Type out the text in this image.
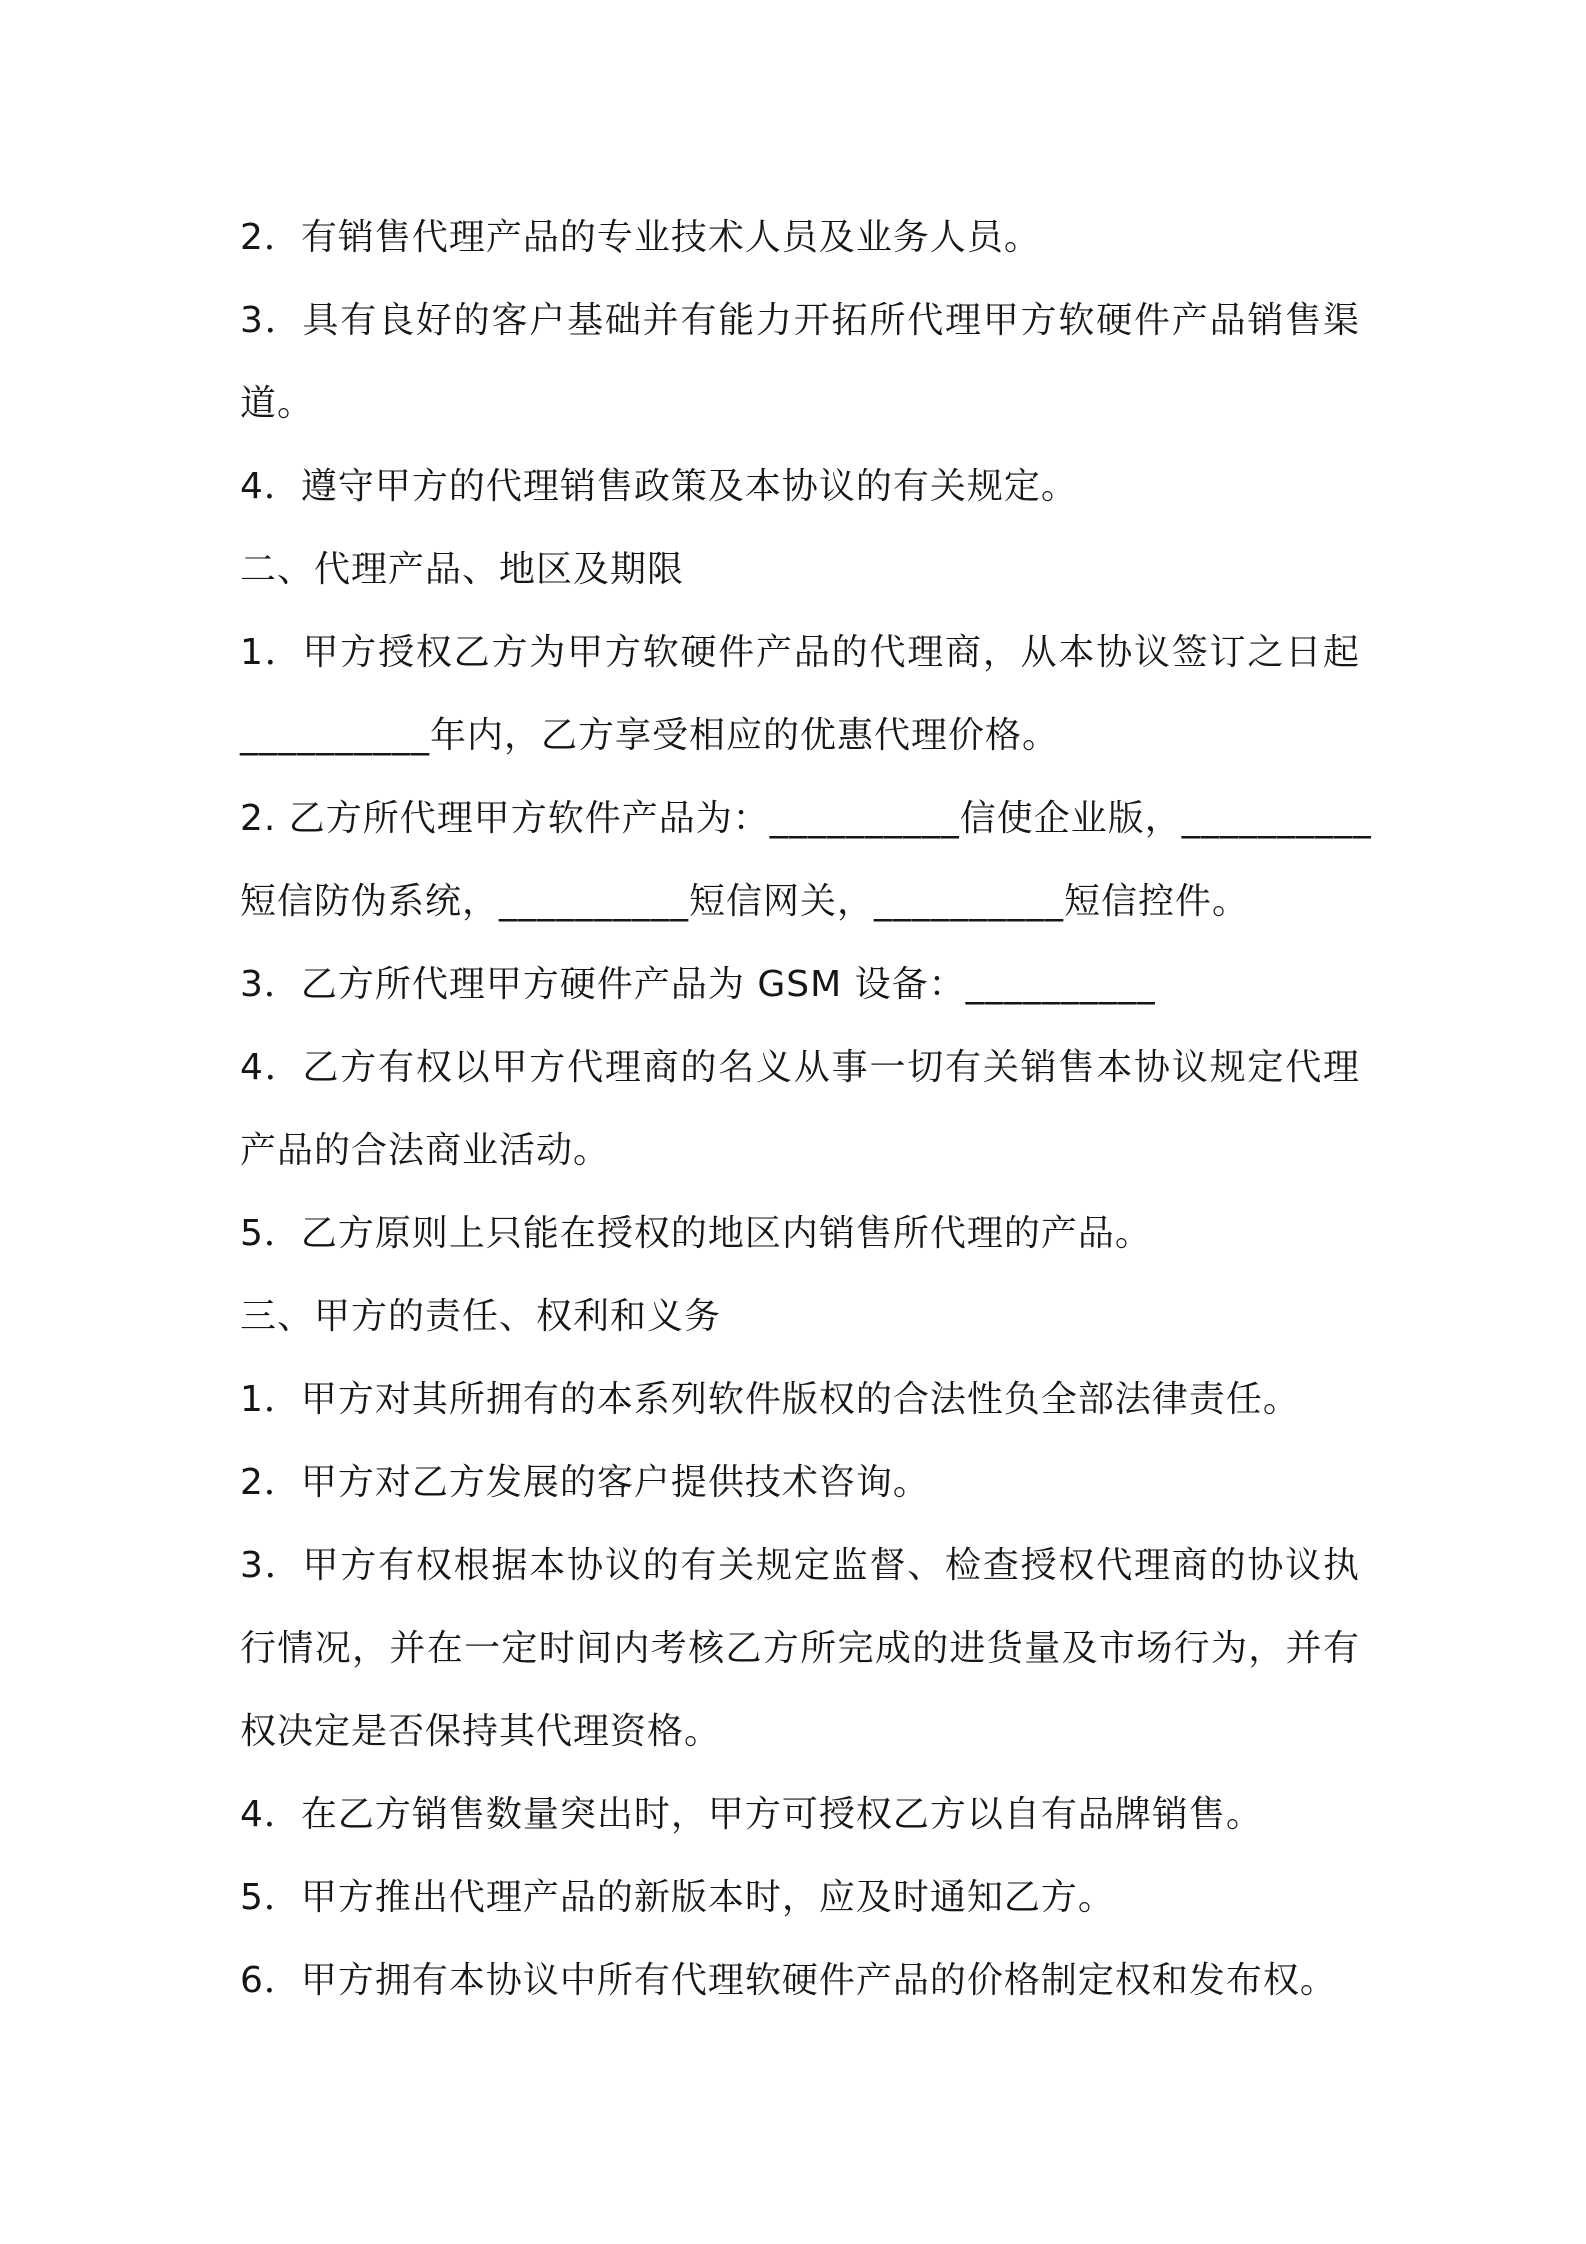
2．有销售代理产品的专业技术人员及业务人员。
3．具有良好的客户基础并有能力开拓所代理甲方软硬件产品销售渠
道。
4．遵守甲方的代理销售政策及本协议的有关规定。
二、代理产品、地区及期限
1．甲方授权乙方为甲方软硬件产品的代理商，从本协议签订之日起
__________年内，乙方享受相应的优惠代理价格。
2. 乙方所代理甲方软件产品为：__________信使企业版，__________
短信防伪系统，__________短信网关，__________短信控件。
3．乙方所代理甲方硬件产品为 GSM 设备：__________
4．乙方有权以甲方代理商的名义从事一切有关销售本协议规定代理
产品的合法商业活动。
5．乙方原则上只能在授权的地区内销售所代理的产品。
三、甲方的责任、权利和义务
1．甲方对其所拥有的本系列软件版权的合法性负全部法律责任。
2．甲方对乙方发展的客户提供技术咨询。
3．甲方有权根据本协议的有关规定监督、检查授权代理商的协议执
行情况，并在一定时间内考核乙方所完成的进货量及市场行为，并有
权决定是否保持其代理资格。
4．在乙方销售数量突出时，甲方可授权乙方以自有品牌销售。
5．甲方推出代理产品的新版本时，应及时通知乙方。
6．甲方拥有本协议中所有代理软硬件产品的价格制定权和发布权。
